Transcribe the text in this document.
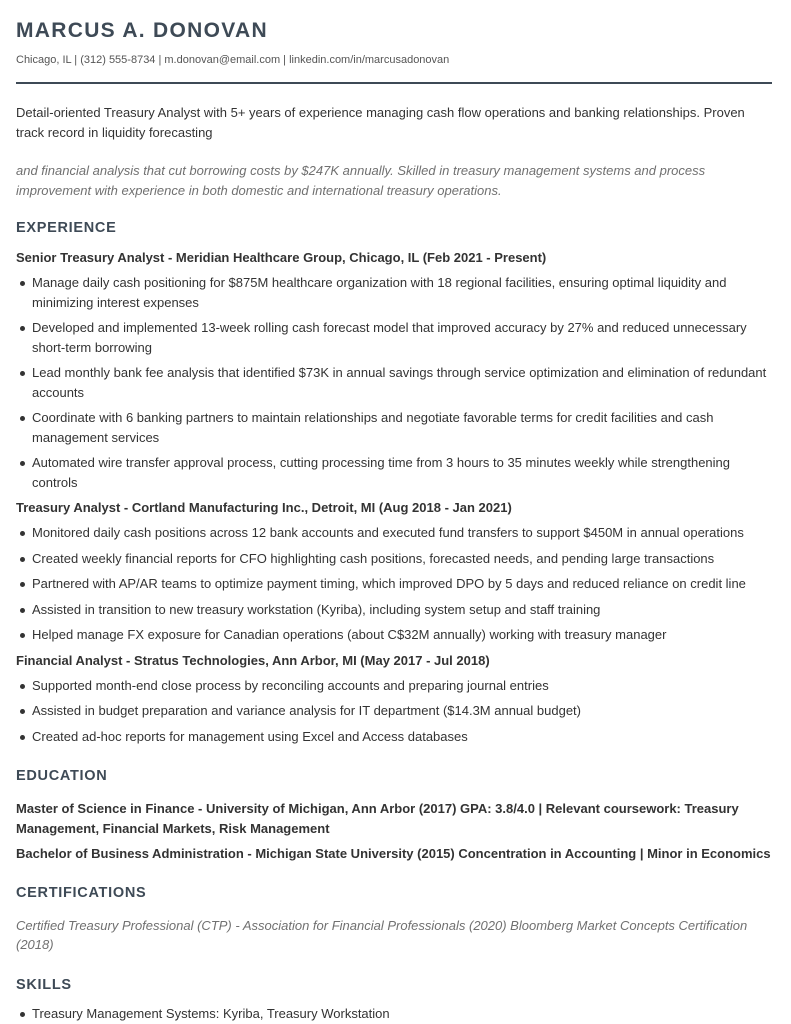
MARCUS A. DONOVAN
Chicago, IL | (312) 555-8734 | m.donovan@email.com | linkedin.com/in/marcusadonovan
Detail-oriented Treasury Analyst with 5+ years of experience managing cash flow operations and banking relationships. Proven track record in liquidity forecasting
and financial analysis that cut borrowing costs by $247K annually. Skilled in treasury management systems and process improvement with experience in both domestic and international treasury operations.
EXPERIENCE
Senior Treasury Analyst - Meridian Healthcare Group, Chicago, IL (Feb 2021 - Present)
Manage daily cash positioning for $875M healthcare organization with 18 regional facilities, ensuring optimal liquidity and minimizing interest expenses
Developed and implemented 13-week rolling cash forecast model that improved accuracy by 27% and reduced unnecessary short-term borrowing
Lead monthly bank fee analysis that identified $73K in annual savings through service optimization and elimination of redundant accounts
Coordinate with 6 banking partners to maintain relationships and negotiate favorable terms for credit facilities and cash management services
Automated wire transfer approval process, cutting processing time from 3 hours to 35 minutes weekly while strengthening controls
Treasury Analyst - Cortland Manufacturing Inc., Detroit, MI (Aug 2018 - Jan 2021)
Monitored daily cash positions across 12 bank accounts and executed fund transfers to support $450M in annual operations
Created weekly financial reports for CFO highlighting cash positions, forecasted needs, and pending large transactions
Partnered with AP/AR teams to optimize payment timing, which improved DPO by 5 days and reduced reliance on credit line
Assisted in transition to new treasury workstation (Kyriba), including system setup and staff training
Helped manage FX exposure for Canadian operations (about C$32M annually) working with treasury manager
Financial Analyst - Stratus Technologies, Ann Arbor, MI (May 2017 - Jul 2018)
Supported month-end close process by reconciling accounts and preparing journal entries
Assisted in budget preparation and variance analysis for IT department ($14.3M annual budget)
Created ad-hoc reports for management using Excel and Access databases
EDUCATION
Master of Science in Finance - University of Michigan, Ann Arbor (2017) GPA: 3.8/4.0 | Relevant coursework: Treasury Management, Financial Markets, Risk Management
Bachelor of Business Administration - Michigan State University (2015) Concentration in Accounting | Minor in Economics
CERTIFICATIONS
Certified Treasury Professional (CTP) - Association for Financial Professionals (2020) Bloomberg Market Concepts Certification (2018)
SKILLS
Treasury Management Systems: Kyriba, Treasury Workstation
